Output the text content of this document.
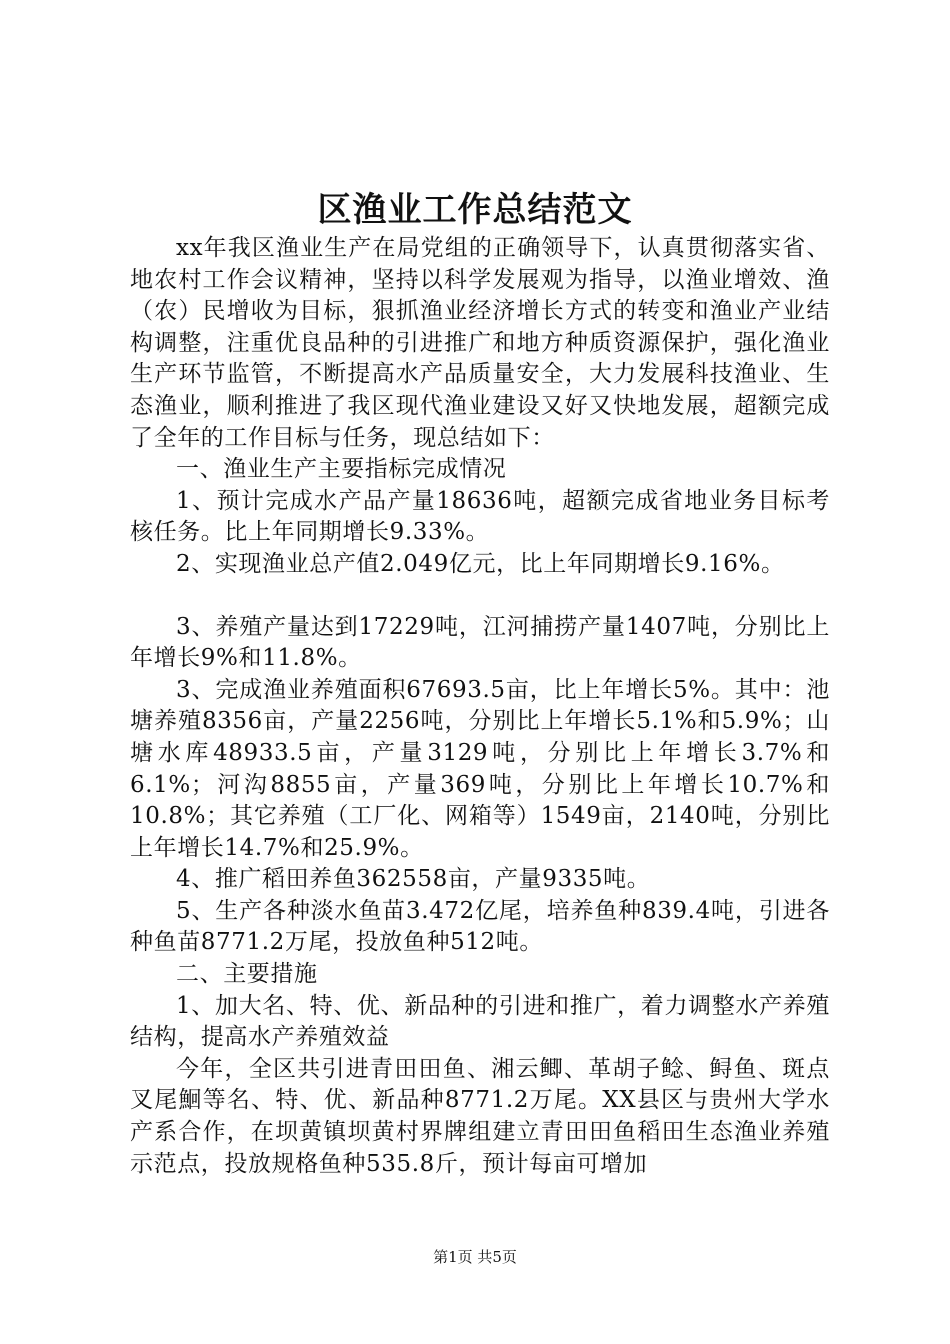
区渔业工作总结范文

xx年我区渔业生产在局党组的正确领导下，认真贯彻落实省、地农村工作会议精神，坚持以科学发展观为指导，以渔业增效、渔（农）民增收为目标，狠抓渔业经济增长方式的转变和渔业产业结构调整，注重优良品种的引进推广和地方种质资源保护，强化渔业生产环节监管，不断提高水产品质量安全，大力发展科技渔业、生态渔业，顺利推进了我区现代渔业建设又好又快地发展，超额完成了全年的工作目标与任务，现总结如下：

一、渔业生产主要指标完成情况

1、预计完成水产品产量18636吨，超额完成省地业务目标考核任务。比上年同期增长9.33%。

2、实现渔业总产值2.049亿元，比上年同期增长9.16%。

3、养殖产量达到17229吨，江河捕捞产量1407吨，分别比上年增长9%和11.8%。

3、完成渔业养殖面积67693.5亩，比上年增长5%。其中：池塘养殖8356亩，产量2256吨，分别比上年增长5.1%和5.9%；山塘水库48933.5亩，产量3129吨，分别比上年增长3.7%和6.1%；河沟8855亩，产量369吨，分别比上年增长10.7%和10.8%；其它养殖（工厂化、网箱等）1549亩，2140吨，分别比上年增长14.7%和25.9%。

4、推广稻田养鱼362558亩，产量9335吨。

5、生产各种淡水鱼苗3.472亿尾，培养鱼种839.4吨，引进各种鱼苗8771.2万尾，投放鱼种512吨。

二、主要措施

1、加大名、特、优、新品种的引进和推广，着力调整水产养殖结构，提高水产养殖效益

今年，全区共引进青田田鱼、湘云鲫、革胡子鲶、鲟鱼、斑点叉尾鮰等名、特、优、新品种8771.2万尾。XX县区与贵州大学水产系合作，在坝黄镇坝黄村界牌组建立青田田鱼稻田生态渔业养殖示范点，投放规格鱼种535.8斤，预计每亩可增加

第1页 共5页
